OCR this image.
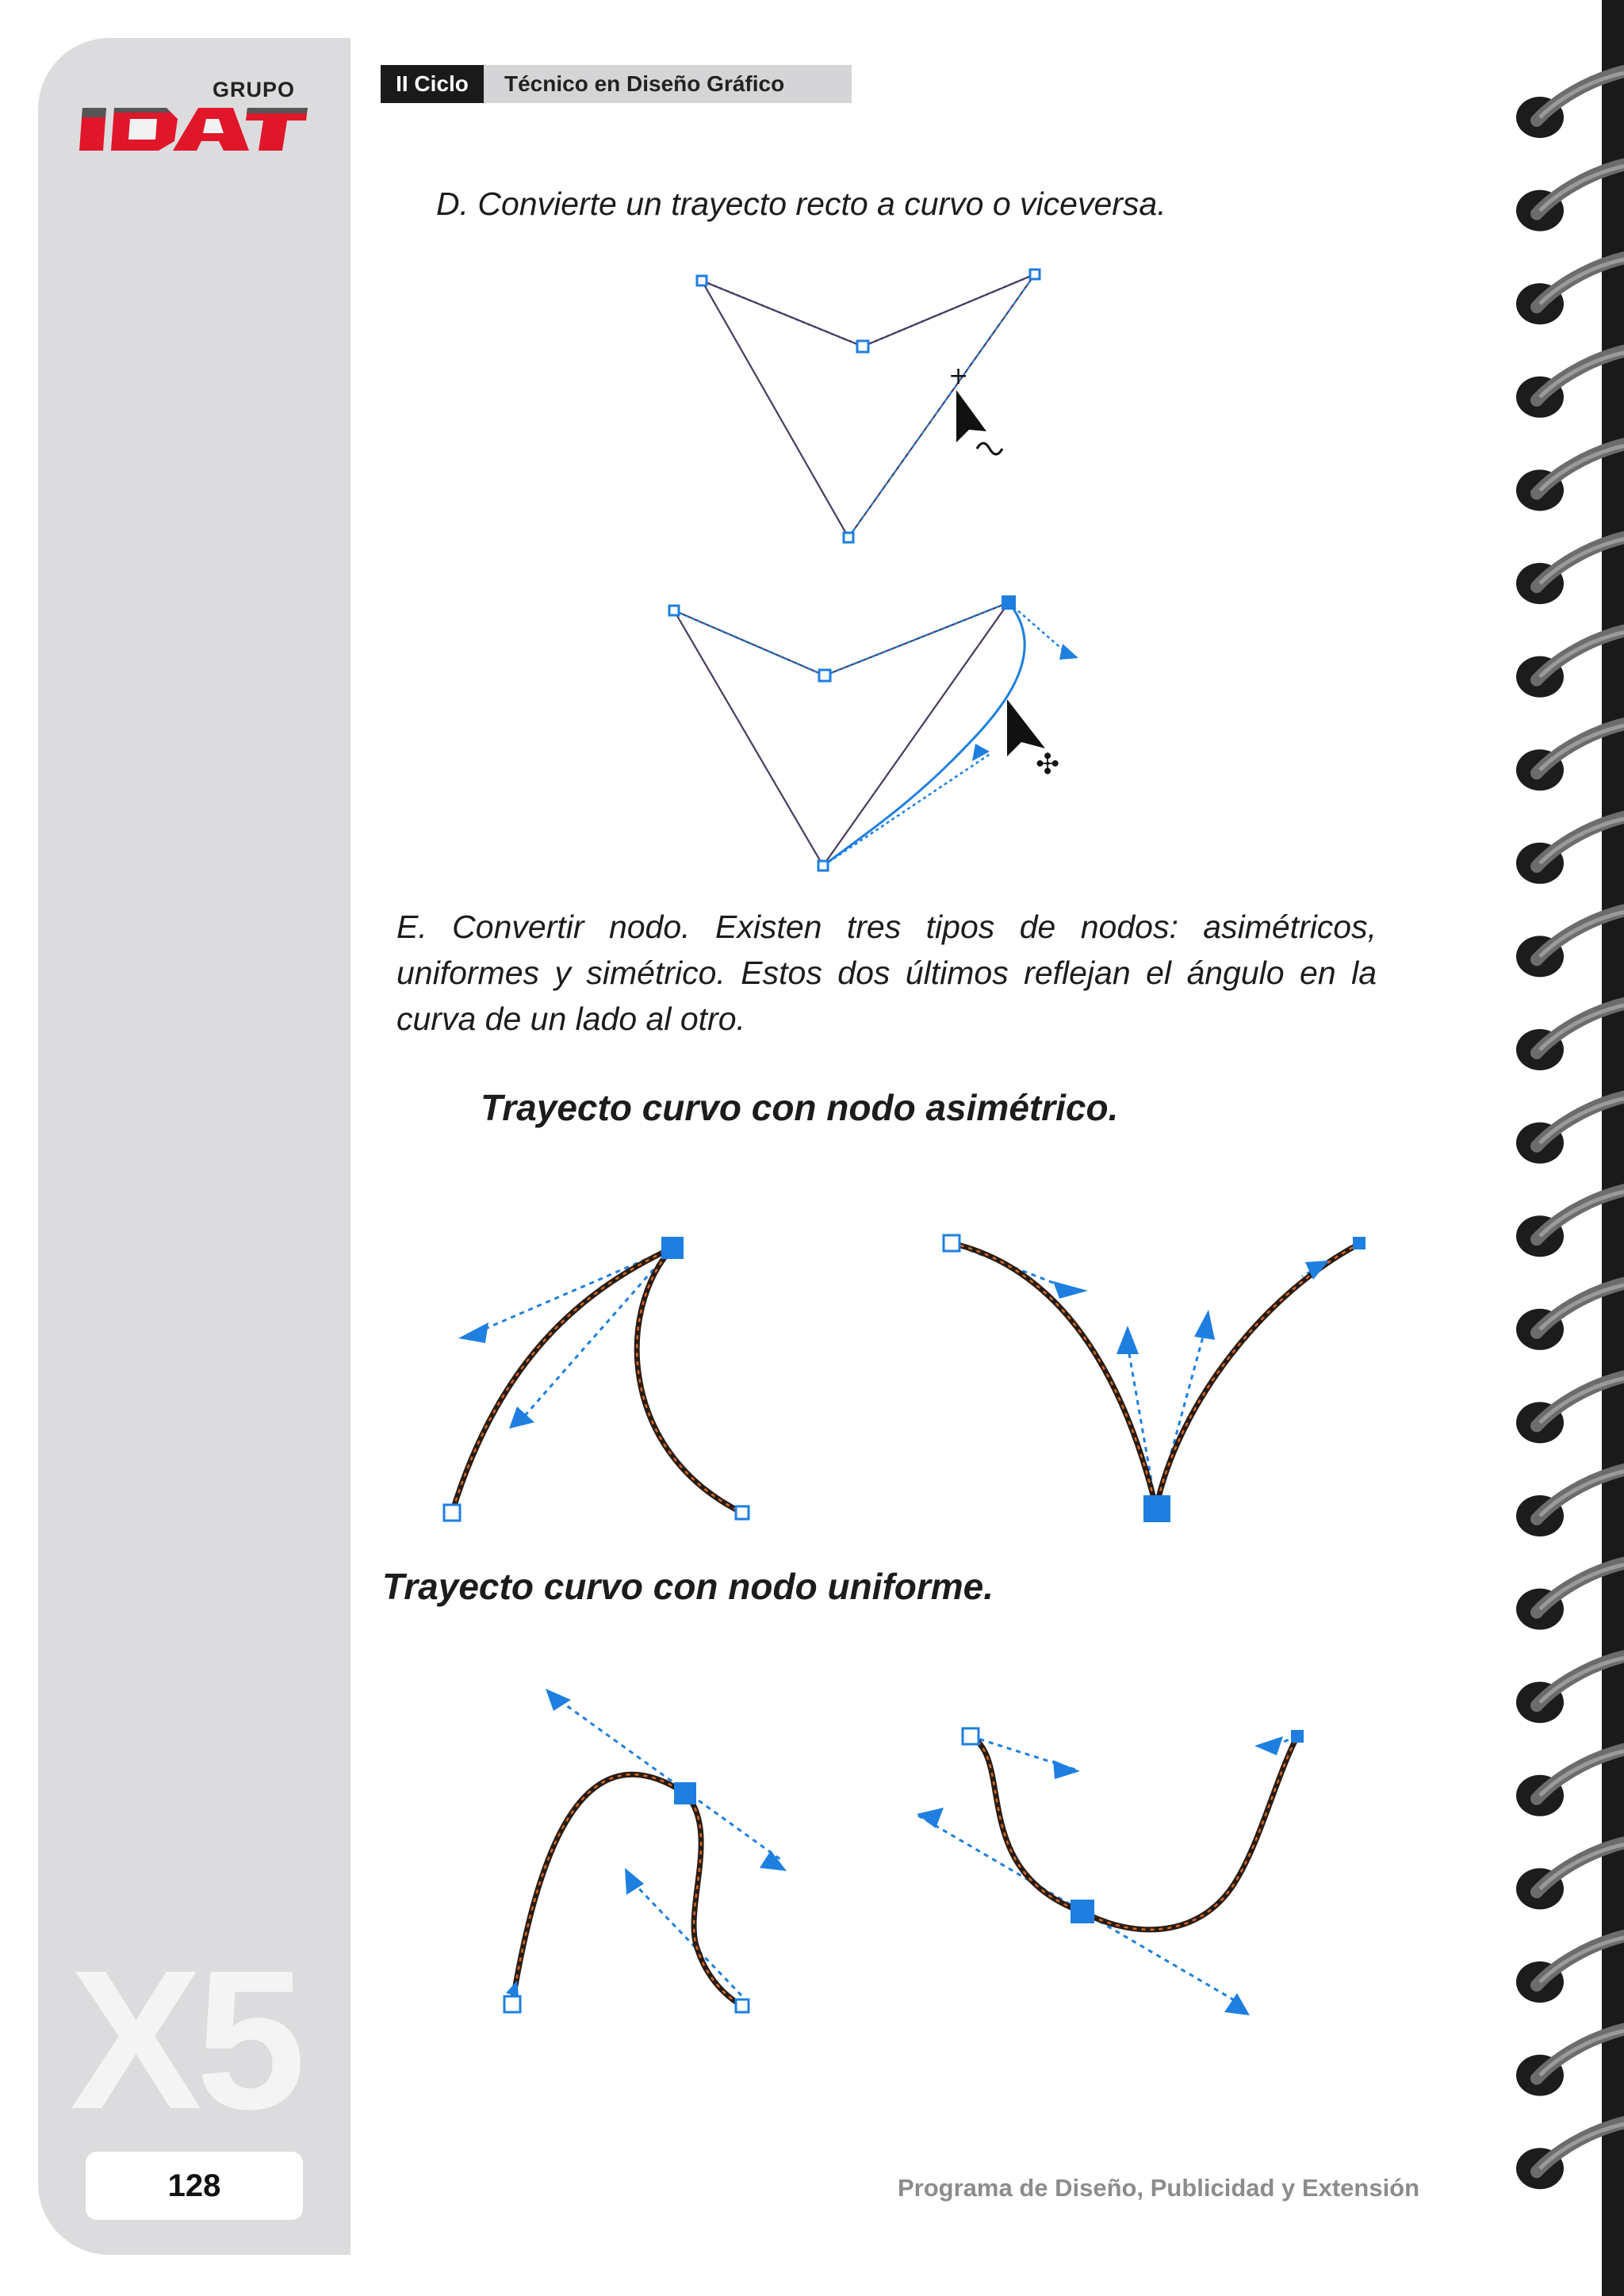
GRUPO
X5
128
II Ciclo	Técnico en Diseño Gráfico
D. Convierte un trayecto recto a curvo o viceversa.
+
✣
E. Convertir nodo. Existen tres tipos de nodos: asimétricos, uniformes y simétrico. Estos dos últimos reflejan el ángulo en la curva de un lado al otro.
Trayecto curvo con nodo asimétrico.
Trayecto curvo con nodo uniforme.
Programa de Diseño, Publicidad y Extensión
